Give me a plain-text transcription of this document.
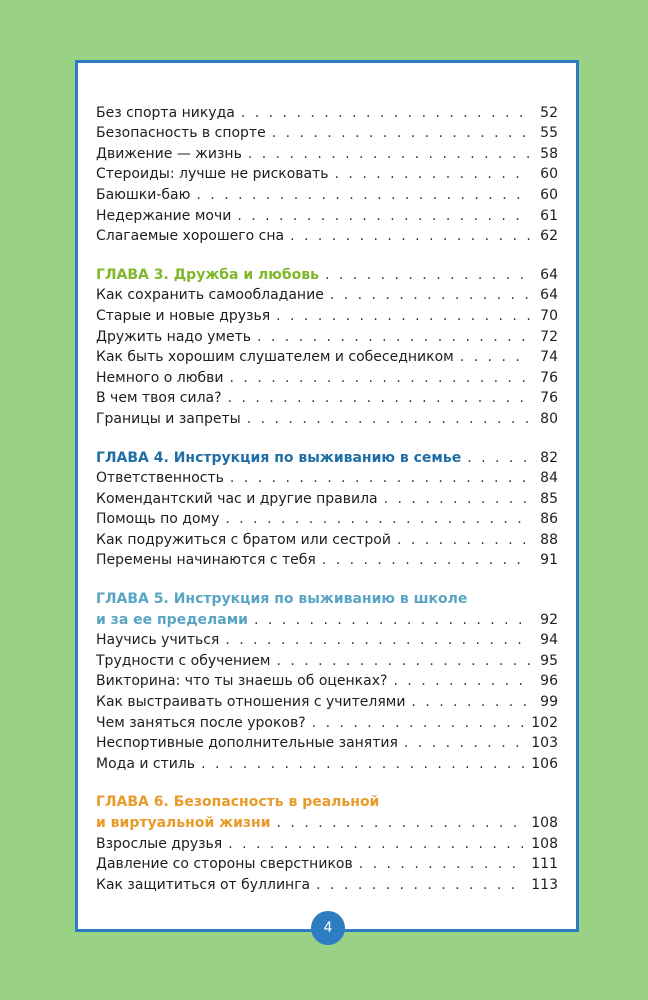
Без спорта никуда . . .	52
Безопасность в спорте . . .	55
Движение — жизнь . . .	58
Стероиды: лучше не рисковать . . .	60
Баюшки-баю . . .	60
Недержание мочи . . .	61
Слагаемые хорошего сна . . .	62
ГЛАВА 3. Дружба и любовь . . .	64
Как сохранить самообладание . . .	64
Старые и новые друзья . . .	70
Дружить надо уметь . . .	72
Как быть хорошим слушателем и собеседником . . .	74
Немного о любви . . .	76
В чем твоя сила? . . .	76
Границы и запреты . . .	80
ГЛАВА 4. Инструкция по выживанию в семье . . .	82
Ответственность . . .	84
Комендантский час и другие правила . . .	85
Помощь по дому . . .	86
Как подружиться с братом или сестрой . . .	88
Перемены начинаются с тебя . . .	91
ГЛАВА 5. Инструкция по выживанию в школе
и за ее пределами . . .	92
Научись учиться . . .	94
Трудности с обучением . . .	95
Викторина: что ты знаешь об оценках? . . .	96
Как выстраивать отношения с учителями . . .	99
Чем заняться после уроков? . . .	102
Неспортивные дополнительные занятия . . .	103
Мода и стиль . . .	106
ГЛАВА 6. Безопасность в реальной
и виртуальной жизни . . .	108
Взрослые друзья . . .	108
Давление со стороны сверстников . . .	111
Как защититься от буллинга . . .	113
4
